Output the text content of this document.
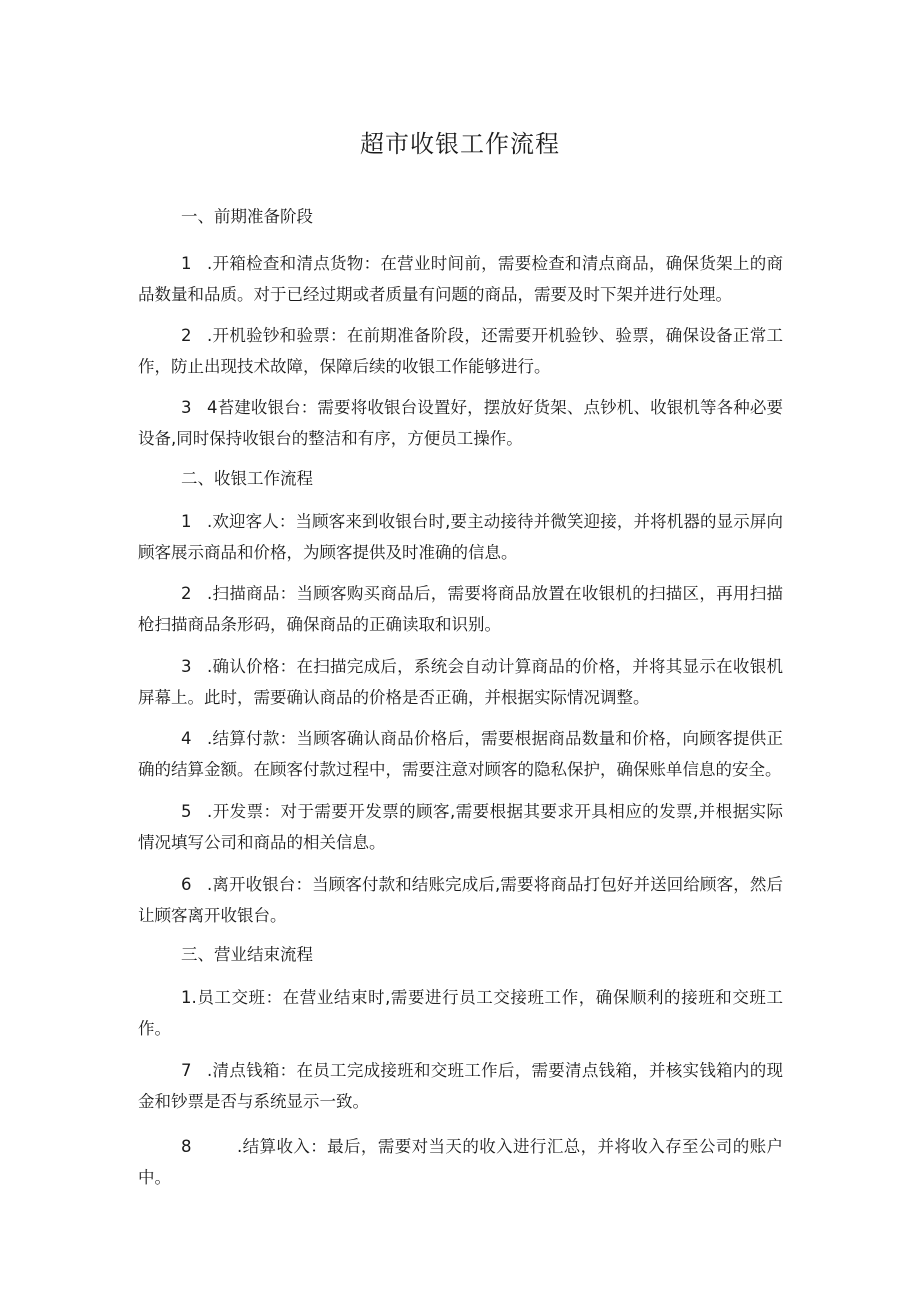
超市收银工作流程

一、前期准备阶段

1 .开箱检查和清点货物：在营业时间前，需要检查和清点商品，确保货架上的商品数量和品质。对于已经过期或者质量有问题的商品，需要及时下架并进行处理。

2 .开机验钞和验票：在前期准备阶段，还需要开机验钞、验票，确保设备正常工作，防止出现技术故障，保障后续的收银工作能够进行。

3 4苔建收银台：需要将收银台设置好，摆放好货架、点钞机、收银机等各种必要设备,同时保持收银台的整洁和有序，方便员工操作。

二、收银工作流程

1 .欢迎客人：当顾客来到收银台时,要主动接待并微笑迎接，并将机器的显示屏向顾客展示商品和价格，为顾客提供及时准确的信息。

2 .扫描商品：当顾客购买商品后，需要将商品放置在收银机的扫描区，再用扫描枪扫描商品条形码，确保商品的正确读取和识别。

3 .确认价格：在扫描完成后，系统会自动计算商品的价格，并将其显示在收银机屏幕上。此时，需要确认商品的价格是否正确，并根据实际情况调整。

4 .结算付款：当顾客确认商品价格后，需要根据商品数量和价格，向顾客提供正确的结算金额。在顾客付款过程中，需要注意对顾客的隐私保护，确保账单信息的安全。

5 .开发票：对于需要开发票的顾客,需要根据其要求开具相应的发票,并根据实际情况填写公司和商品的相关信息。

6 .离开收银台：当顾客付款和结账完成后,需要将商品打包好并送回给顾客，然后让顾客离开收银台。

三、营业结束流程

1.员工交班：在营业结束时,需要进行员工交接班工作，确保顺利的接班和交班工作。

7 .清点钱箱：在员工完成接班和交班工作后，需要清点钱箱，并核实钱箱内的现金和钞票是否与系统显示一致。

8	.结算收入：最后，需要对当天的收入进行汇总，并将收入存至公司的账户中。
